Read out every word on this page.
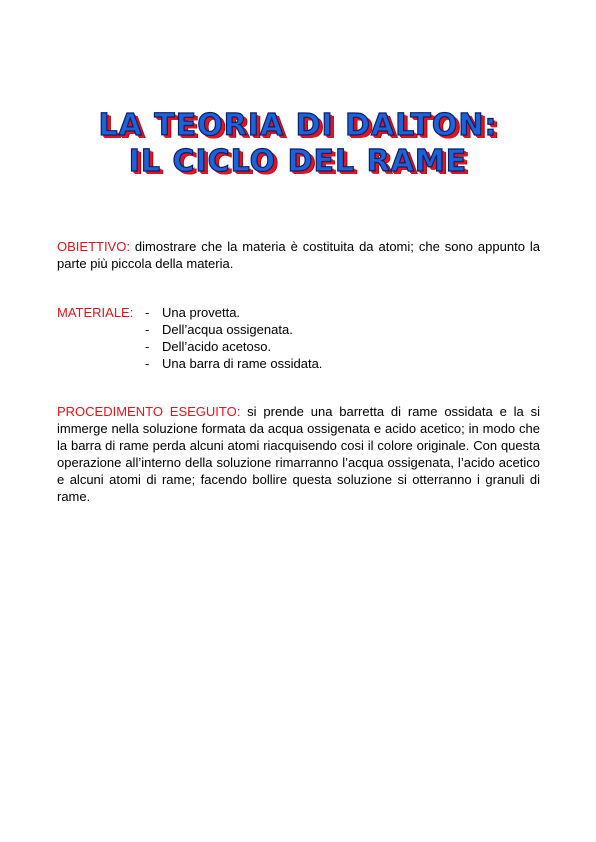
LA TEORIA DI DALTON:
IL CICLO DEL RAME

OBIETTIVO: dimostrare che la materia è costituita da atomi; che sono appunto la parte più piccola della materia.

MATERIALE: - Una provetta.
- Dell’acqua ossigenata.
- Dell’acido acetoso.
- Una barra di rame ossidata.

PROCEDIMENTO ESEGUITO: si prende una barretta di rame ossidata e la si immerge nella soluzione formata da acqua ossigenata e acido acetico; in modo che la barra di rame perda alcuni atomi riacquisendo cosi il colore originale. Con questa operazione all’interno della soluzione rimarranno l’acqua ossigenata, l’acido acetico e alcuni atomi di rame; facendo bollire questa soluzione si otterranno i granuli di rame.
